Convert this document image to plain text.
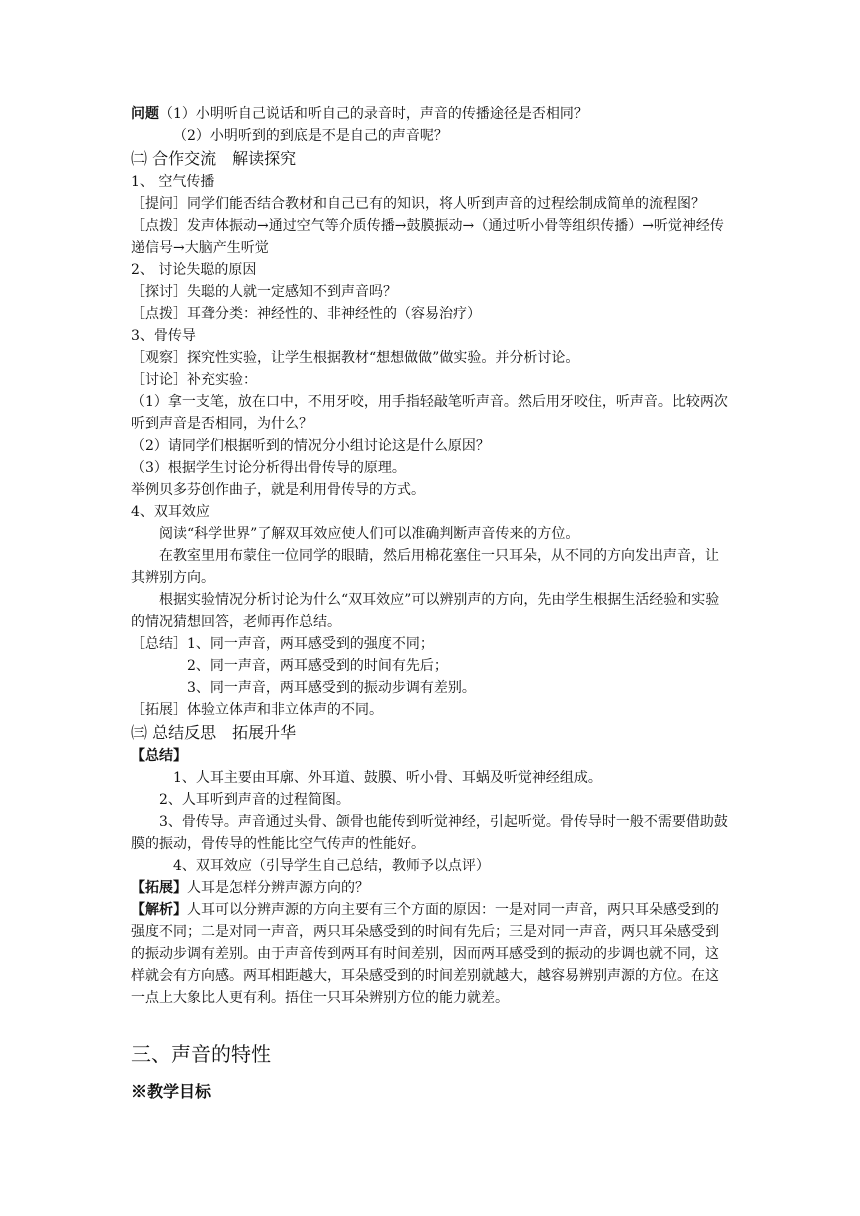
问题（1）小明听自己说话和听自己的录音时，声音的传播途径是否相同？
（2）小明听到的到底是不是自己的声音呢？
㈡ 合作交流　解读探究
1、 空气传播
［提问］同学们能否结合教材和自己已有的知识，将人听到声音的过程绘制成简单的流程图？
［点拨］发声体振动→通过空气等介质传播→鼓膜振动→（通过听小骨等组织传播）→听觉神经传递信号→大脑产生听觉
2、 讨论失聪的原因
［探讨］失聪的人就一定感知不到声音吗？
［点拨］耳聋分类：神经性的、非神经性的（容易治疗）
3、骨传导
［观察］探究性实验，让学生根据教材“想想做做”做实验。并分析讨论。
［讨论］补充实验：
（1）拿一支笔，放在口中，不用牙咬，用手指轻敲笔听声音。然后用牙咬住，听声音。比较两次听到声音是否相同，为什么？
（2）请同学们根据听到的情况分小组讨论这是什么原因？
（3）根据学生讨论分析得出骨传导的原理。
举例贝多芬创作曲子，就是利用骨传导的方式。
4、双耳效应
阅读“科学世界”了解双耳效应使人们可以准确判断声音传来的方位。
在教室里用布蒙住一位同学的眼睛，然后用棉花塞住一只耳朵，从不同的方向发出声音，让其辨别方向。
根据实验情况分析讨论为什么“双耳效应”可以辨别声的方向，先由学生根据生活经验和实验的情况猜想回答，老师再作总结。
［总结］1、同一声音，两耳感受到的强度不同；
2、同一声音，两耳感受到的时间有先后；
3、同一声音，两耳感受到的振动步调有差别。
［拓展］体验立体声和非立体声的不同。
㈢ 总结反思　拓展升华
【总结】
1、人耳主要由耳廓、外耳道、鼓膜、听小骨、耳蜗及听觉神经组成。
2、人耳听到声音的过程简图。
3、骨传导。声音通过头骨、颌骨也能传到听觉神经，引起听觉。骨传导时一般不需要借助鼓膜的振动，骨传导的性能比空气传声的性能好。
4、双耳效应（引导学生自己总结，教师予以点评）
【拓展】人耳是怎样分辨声源方向的？
【解析】人耳可以分辨声源的方向主要有三个方面的原因：一是对同一声音，两只耳朵感受到的强度不同；二是对同一声音，两只耳朵感受到的时间有先后；三是对同一声音，两只耳朵感受到的振动步调有差别。由于声音传到两耳有时间差别，因而两耳感受到的振动的步调也就不同，这样就会有方向感。两耳相距越大，耳朵感受到的时间差别就越大，越容易辨别声源的方位。在这一点上大象比人更有利。捂住一只耳朵辨别方位的能力就差。
三、声音的特性
※教学目标
